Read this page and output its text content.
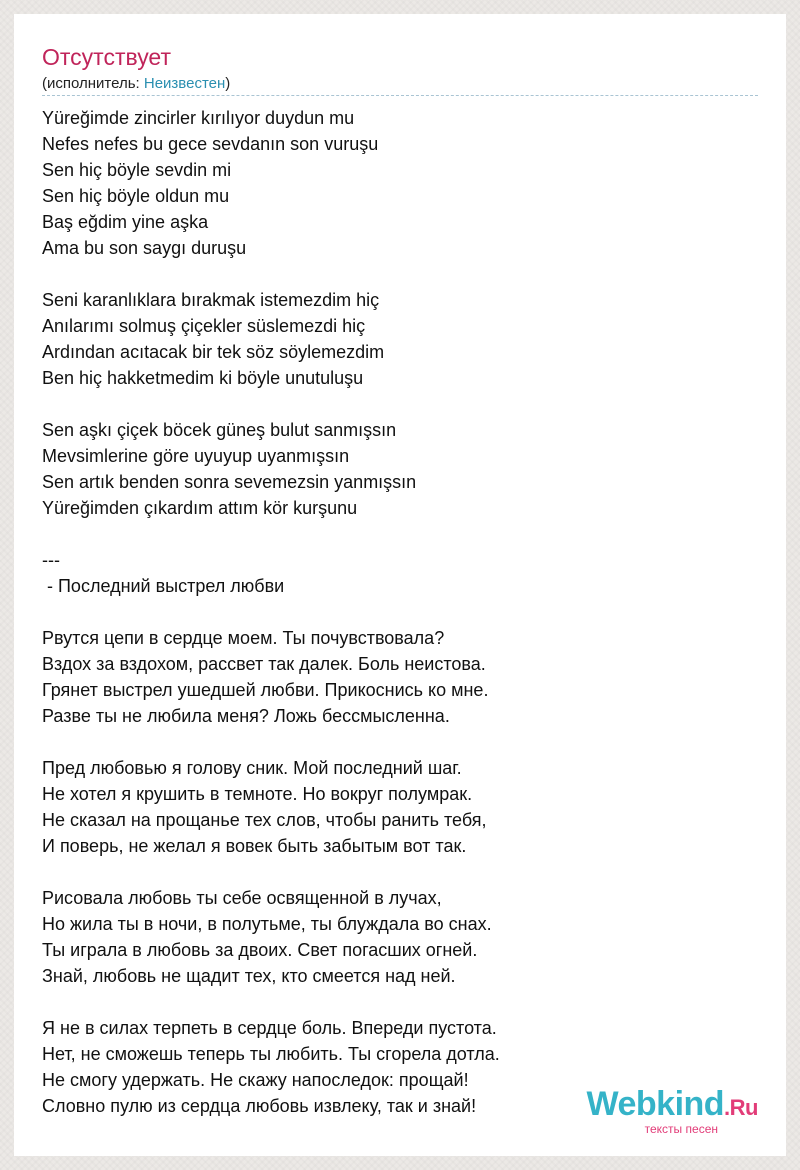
Отсутствует
(исполнитель: Неизвестен)
Yüreğimde zincirler kırılıyor duydun mu
Nefes nefes bu gece sevdanın son vuruşu
Sen hiç böyle sevdin mi
Sen hiç böyle oldun mu
Baş eğdim yine aşka
Ama bu son saygı duruşu
Seni karanlıklara bırakmak istemezdim hiç
Anılarımı solmuş çiçekler süslemezdi hiç
Ardından acıtacak bir tek söz söylemezdim
Ben hiç hakketmedim ki böyle unutuluşu
Sen aşkı çiçek böcek güneş bulut sanmışsın
Mevsimlerine göre uyuyup uyanmışsın
Sen artık benden sonra sevemezsin yanmışsın
Yüreğimden çıkardım attım kör kurşunu
---
- Последний выстрел любви
Рвутся цепи в сердце моем. Ты почувствовала?
Вздох за вздохом, рассвет так далек. Боль неистова.
Грянет выстрел ушедшей любви. Прикоснись ко мне.
Разве ты не любила меня? Ложь бессмысленна.
Пред любовью я голову сник. Мой последний шаг.
Не хотел я крушить в темноте. Но вокруг полумрак.
Не сказал на прощанье тех слов, чтобы ранить тебя,
И поверь, не желал я вовек быть забытым вот так.
Рисовала любовь ты себе освященной в лучах,
Но жила ты в ночи, в полутьме, ты блуждала во снах.
Ты играла в любовь за двоих. Свет погасших огней.
Знай, любовь не щадит тех, кто смеется над ней.
Я не в силах терпеть в сердце боль. Впереди пустота.
Нет, не сможешь теперь ты любить. Ты сгорела дотла.
Не смогу удержать. Не скажу напоследок: прощай!
Словно пулю из сердца любовь извлеку, так и знай!	Webkind.Ru
тексты песен
